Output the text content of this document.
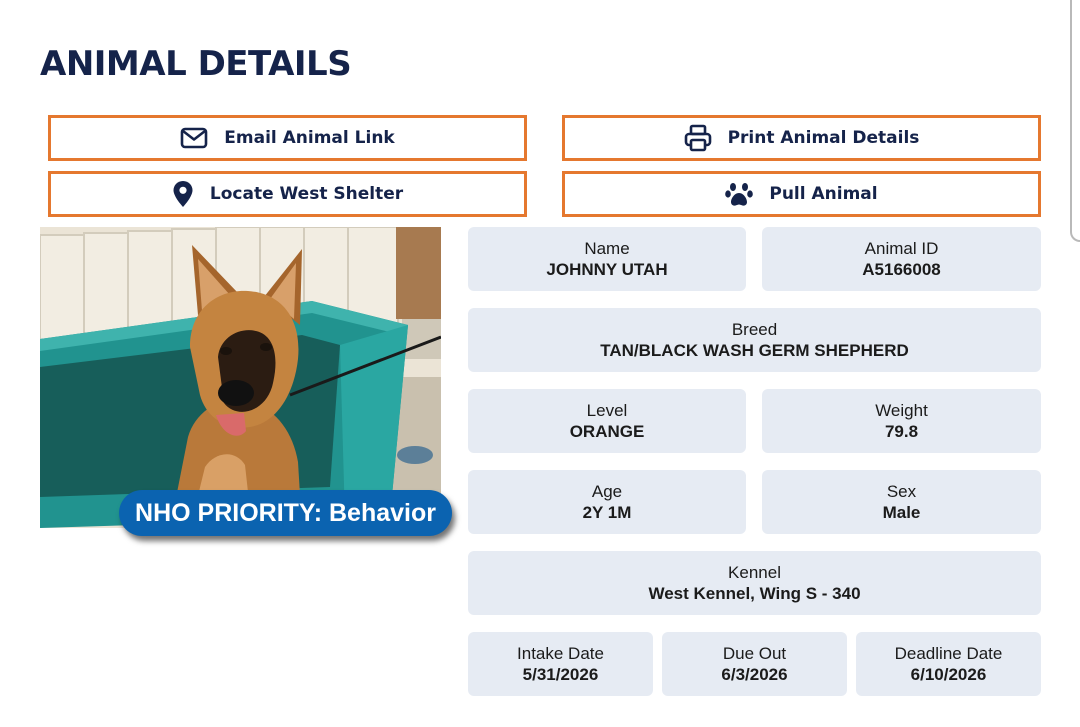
ANIMAL DETAILS
Email Animal Link	Print Animal Details
Locate West Shelter	Pull Animal
NHO PRIORITY: Behavior
Name
JOHNNY UTAH
Animal ID
A5166008
Breed
TAN/BLACK WASH GERM SHEPHERD
Level
ORANGE
Weight
79.8
Age
2Y 1M
Sex
Male
Kennel
West Kennel, Wing S - 340
Intake Date
5/31/2026
Due Out
6/3/2026
Deadline Date
6/10/2026
